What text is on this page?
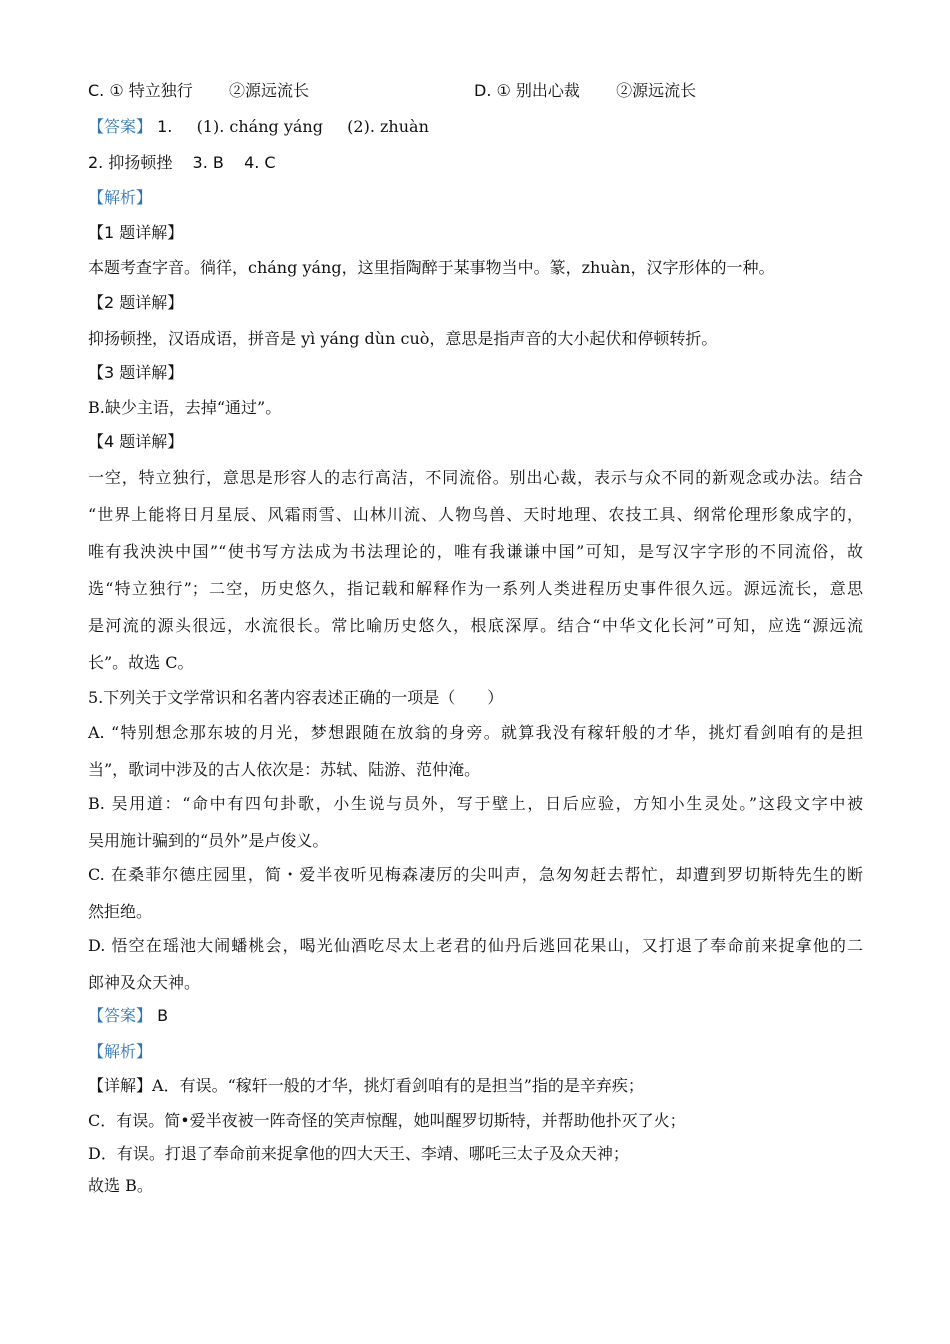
C. ① 特立独行 ②源远流长	D. ① 别出心裁 ②源远流长
【答案】 1. (1). cháng yáng (2). zhuàn
2. 抑扬顿挫 3. B 4. C
【解析】
【1 题详解】
本题考查字音。徜徉，cháng yáng，这里指陶醉于某事物当中。篆，zhuàn，汉字形体的一种。
【2 题详解】
抑扬顿挫，汉语成语，拼音是 yì yáng dùn cuò，意思是指声音的大小起伏和停顿转折。
【3 题详解】
B.缺少主语，去掉“通过”。
【4 题详解】
一空，特立独行，意思是形容人的志行高洁，不同流俗。别出心裁，表示与众不同的新观念或办法。结合
“世界上能将日月星辰、风霜雨雪、山林川流、人物鸟兽、天时地理、农技工具、纲常伦理形象成字的，
唯有我泱泱中国”“使书写方法成为书法理论的，唯有我谦谦中国”可知，是写汉字字形的不同流俗，故
选“特立独行”；二空，历史悠久，指记载和解释作为一系列人类进程历史事件很久远。源远流长，意思
是河流的源头很远，水流很长。常比喻历史悠久，根底深厚。结合“中华文化长河”可知，应选“源远流
长”。故选 C。
5.下列关于文学常识和名著内容表述正确的一项是（　　）
A. “特别想念那东坡的月光，梦想跟随在放翁的身旁。就算我没有稼轩般的才华，挑灯看剑咱有的是担
当”，歌词中涉及的古人依次是：苏轼、陆游、范仲淹。
B. 吴用道：“命中有四句卦歌，小生说与员外，写于壁上，日后应验，方知小生灵处。”这段文字中被
吴用施计骗到的“员外”是卢俊义。
C. 在桑菲尔德庄园里，简・爱半夜听见梅森凄厉的尖叫声，急匆匆赶去帮忙，却遭到罗切斯特先生的断
然拒绝。
D. 悟空在瑶池大闹蟠桃会，喝光仙酒吃尽太上老君的仙丹后逃回花果山，又打退了奉命前来捉拿他的二
郎神及众天神。
【答案】 B
【解析】
【详解】A．有误。“稼轩一般的才华，挑灯看剑咱有的是担当”指的是辛弃疾；
C．有误。简•爱半夜被一阵奇怪的笑声惊醒，她叫醒罗切斯特，并帮助他扑灭了火；
D．有误。打退了奉命前来捉拿他的四大天王、李靖、哪吒三太子及众天神；
故选 B。
